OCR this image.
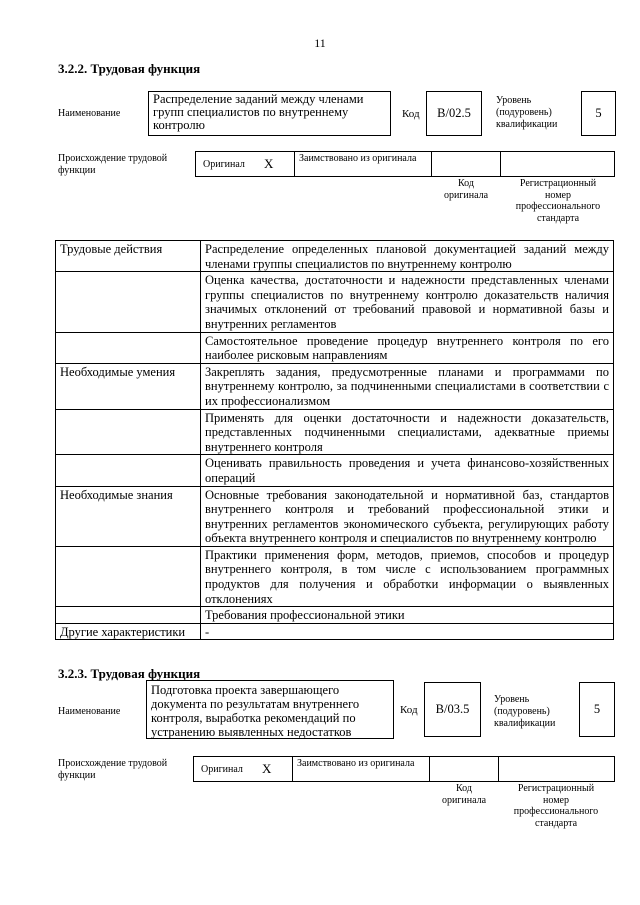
11
3.2.2. Трудовая функция
Наименование
Распределение заданий между членами групп специалистов по внутреннему контролю
Код	B/02.5
Уровень (подуровень) квалификации
5
Происхождение трудовой функции
Оригинал X	Заимствовано из оригинала
Код оригинала
Регистрационный номер профессионального стандарта
Трудовые действия	Распределение определенных плановой документацией заданий между членами группы специалистов по внутреннему контролю
	Оценка качества, достаточности и надежности представленных членами группы специалистов по внутреннему контролю доказательств наличия значимых отклонений от требований правовой и нормативной базы и внутренних регламентов
	Самостоятельное проведение процедур внутреннего контроля по его наиболее рисковым направлениям
Необходимые умения	Закреплять задания, предусмотренные планами и программами по внутреннему контролю, за подчиненными специалистами в соответствии с их профессионализмом
	Применять для оценки достаточности и надежности доказательств, представленных подчиненными специалистами, адекватные приемы внутреннего контроля
	Оценивать правильность проведения и учета финансово-хозяйственных операций
Необходимые знания	Основные требования законодательной и нормативной баз, стандартов внутреннего контроля и требований профессиональной этики и внутренних регламентов экономического субъекта, регулирующих работу объекта внутреннего контроля и специалистов по внутреннему контролю
	Практики применения форм, методов, приемов, способов и процедур внутреннего контроля, в том числе с использованием программных продуктов для получения и обработки информации о выявленных отклонениях
	Требования профессиональной этики
Другие характеристики	-
3.2.3. Трудовая функция
Наименование
Подготовка проекта завершающего документа по результатам внутреннего контроля, выработка рекомендаций по устранению выявленных недостатков
Код	B/03.5
Уровень (подуровень) квалификации
5
Происхождение трудовой функции
Оригинал X	Заимствовано из оригинала
Код оригинала
Регистрационный номер профессионального стандарта
